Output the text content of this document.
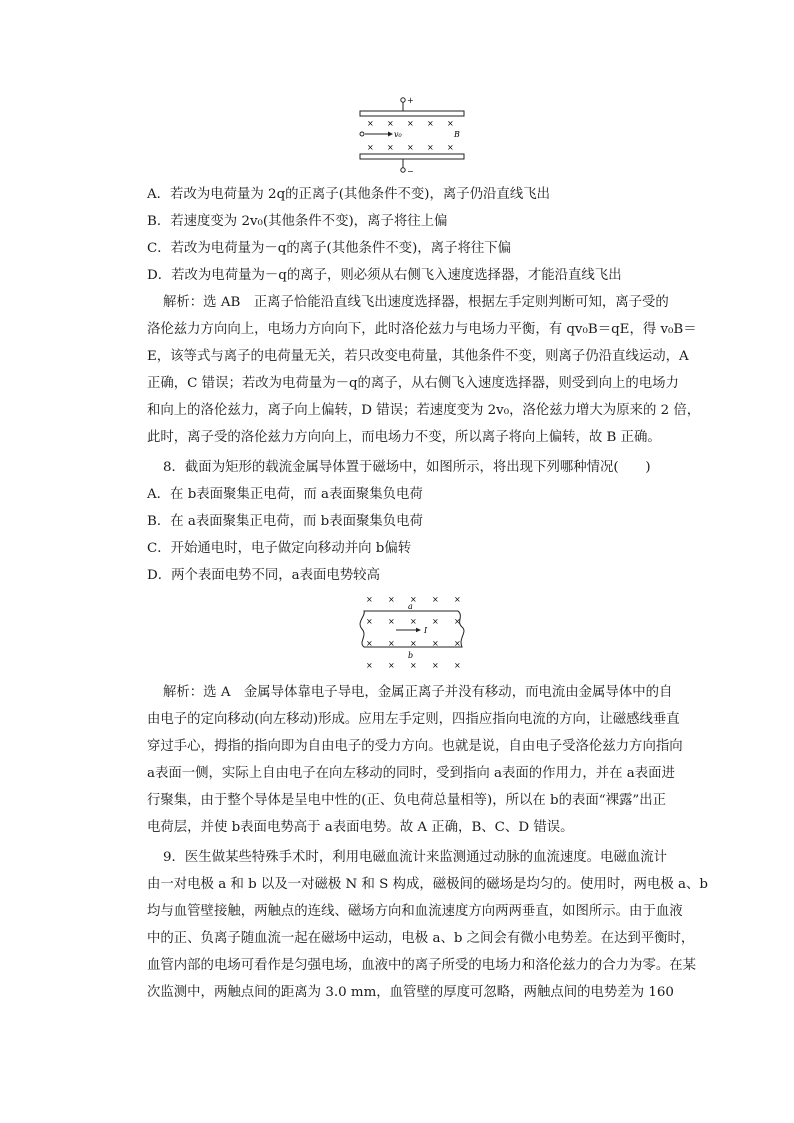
+
× × × × ×
v₀	B
× × × × ×
−
A．若改为电荷量为 2q的正离子(其他条件不变)，离子仍沿直线飞出
B．若速度变为 2v₀(其他条件不变)，离子将往上偏
C．若改为电荷量为－q的离子(其他条件不变)，离子将往下偏
D．若改为电荷量为－q的离子，则必须从右侧飞入速度选择器，才能沿直线飞出
解析：选 AB　正离子恰能沿直线飞出速度选择器，根据左手定则判断可知，离子受的
洛伦兹力方向向上，电场力方向向下，此时洛伦兹力与电场力平衡，有 qv₀B＝qE，得 v₀B＝
E，该等式与离子的电荷量无关，若只改变电荷量，其他条件不变，则离子仍沿直线运动，A
正确，C 错误；若改为电荷量为－q的离子，从右侧飞入速度选择器，则受到向上的电场力
和向上的洛伦兹力，离子向上偏转，D 错误；若速度变为 2v₀，洛伦兹力增大为原来的 2 倍，
此时，离子受的洛伦兹力方向向上，而电场力不变，所以离子将向上偏转，故 B 正确。
8．截面为矩形的载流金属导体置于磁场中，如图所示，将出现下列哪种情况(　　)
A．在 b表面聚集正电荷，而 a表面聚集负电荷
B．在 a表面聚集正电荷，而 b表面聚集负电荷
C．开始通电时，电子做定向移动并向 b偏转
D．两个表面电势不同，a表面电势较高
× × × × ×
× × × × ×
× × × × ×
× × × × ×
a
b
I
解析：选 A　金属导体靠电子导电，金属正离子并没有移动，而电流由金属导体中的自
由电子的定向移动(向左移动)形成。应用左手定则，四指应指向电流的方向，让磁感线垂直
穿过手心，拇指的指向即为自由电子的受力方向。也就是说，自由电子受洛伦兹力方向指向
a表面一侧，实际上自由电子在向左移动的同时，受到指向 a表面的作用力，并在 a表面进
行聚集，由于整个导体是呈电中性的(正、负电荷总量相等)，所以在 b的表面“裸露”出正
电荷层，并使 b表面电势高于 a表面电势。故 A 正确，B、C、D 错误。
9．医生做某些特殊手术时，利用电磁血流计来监测通过动脉的血流速度。电磁血流计
由一对电极 a 和 b 以及一对磁极 N 和 S 构成，磁极间的磁场是均匀的。使用时，两电极 a、b
均与血管壁接触，两触点的连线、磁场方向和血流速度方向两两垂直，如图所示。由于血液
中的正、负离子随血流一起在磁场中运动，电极 a、b 之间会有微小电势差。在达到平衡时，
血管内部的电场可看作是匀强电场，血液中的离子所受的电场力和洛伦兹力的合力为零。在某
次监测中，两触点间的距离为 3.0 mm，血管壁的厚度可忽略，两触点间的电势差为 160
